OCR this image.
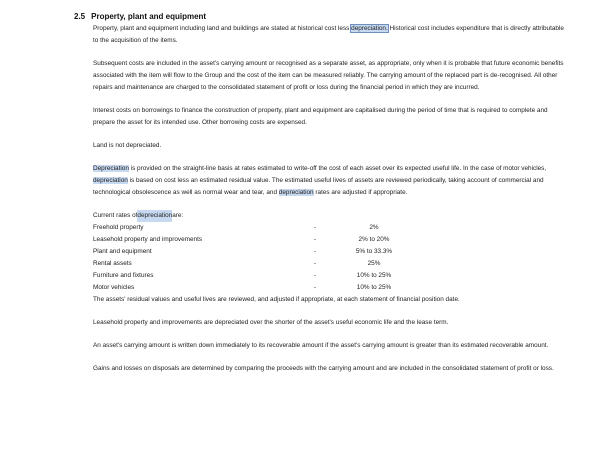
2.5 Property, plant and equipment

Property, plant and equipment including land and buildings are stated at historical cost less depreciation. Historical cost includes expenditure that is directly attributable to the acquisition of the items.

Subsequent costs are included in the asset's carrying amount or recognised as a separate asset, as appropriate, only when it is probable that future economic benefits associated with the item will flow to the Group and the cost of the item can be measured reliably. The carrying amount of the replaced part is de-recognised. All other repairs and maintenance are charged to the consolidated statement of profit or loss during the financial period in which they are incurred.

Interest costs on borrowings to finance the construction of property, plant and equipment are capitalised during the period of time that is required to complete and prepare the asset for its intended use. Other borrowing costs are expensed.

Land is not depreciated.

Depreciation is provided on the straight-line basis at rates estimated to write-off the cost of each asset over its expected useful life. In the case of motor vehicles, depreciation is based on cost less an estimated residual value. The estimated useful lives of assets are reviewed periodically, taking account of commercial and technological obsolescence as well as normal wear and tear, and depreciation rates are adjusted if appropriate.

Current rates of depreciation are:
Freehold property	-	2%
Leasehold property and improvements	-	2% to 20%
Plant and equipment	-	5% to 33.3%
Rental assets	-	25%
Furniture and fixtures	-	10% to 25%
Motor vehicles	-	10% to 25%

The assets' residual values and useful lives are reviewed, and adjusted if appropriate, at each statement of financial position date.

Leasehold property and improvements are depreciated over the shorter of the asset's useful economic life and the lease term.

An asset's carrying amount is written down immediately to its recoverable amount if the asset's carrying amount is greater than its estimated recoverable amount.

Gains and losses on disposals are determined by comparing the proceeds with the carrying amount and are included in the consolidated statement of profit or loss.
